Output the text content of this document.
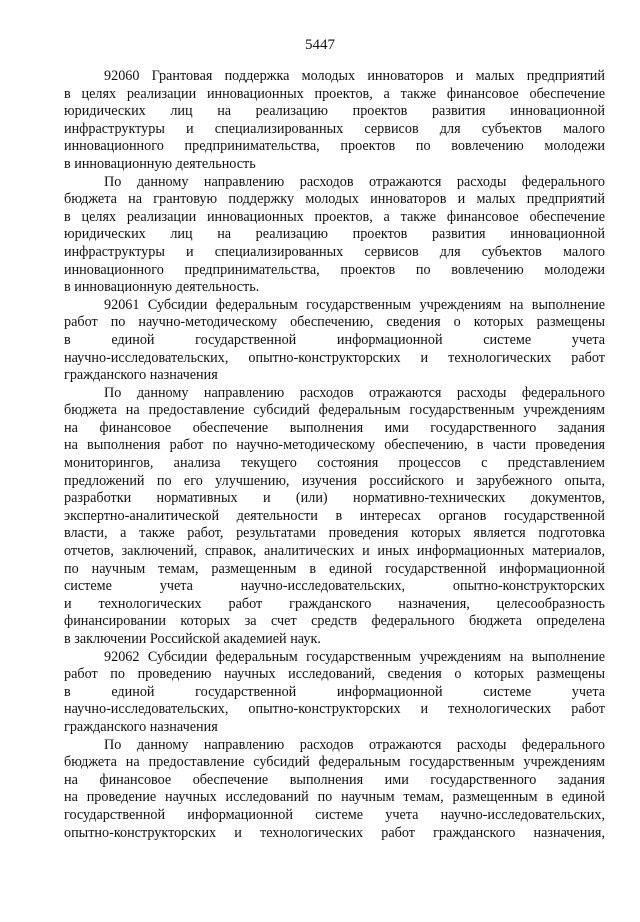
5447
92060 Грантовая поддержка молодых инноваторов и малых предприятий
в целях реализации инновационных проектов, а также финансовое обеспечение
юридических лиц на реализацию проектов развития инновационной
инфраструктуры и специализированных сервисов для субъектов малого
инновационного предпринимательства, проектов по вовлечению молодежи
в инновационную деятельность
По данному направлению расходов отражаются расходы федерального
бюджета на грантовую поддержку молодых инноваторов и малых предприятий
в целях реализации инновационных проектов, а также финансовое обеспечение
юридических лиц на реализацию проектов развития инновационной
инфраструктуры и специализированных сервисов для субъектов малого
инновационного предпринимательства, проектов по вовлечению молодежи
в инновационную деятельность.
92061 Субсидии федеральным государственным учреждениям на выполнение
работ по научно-методическому обеспечению, сведения о которых размещены
в единой государственной информационной системе учета
научно-исследовательских, опытно-конструкторских и технологических работ
гражданского назначения
По данному направлению расходов отражаются расходы федерального
бюджета на предоставление субсидий федеральным государственным учреждениям
на финансовое обеспечение выполнения ими государственного задания
на выполнения работ по научно-методическому обеспечению, в части проведения
мониторингов, анализа текущего состояния процессов с представлением
предложений по его улучшению, изучения российского и зарубежного опыта,
разработки нормативных и (или) нормативно-технических документов,
экспертно-аналитической деятельности в интересах органов государственной
власти, а также работ, результатами проведения которых является подготовка
отчетов, заключений, справок, аналитических и иных информационных материалов,
по научным темам, размещенным в единой государственной информационной
системе учета научно-исследовательских, опытно-конструкторских
и технологических работ гражданского назначения, целесообразность
финансировании которых за счет средств федерального бюджета определена
в заключении Российской академией наук.
92062 Субсидии федеральным государственным учреждениям на выполнение
работ по проведению научных исследований, сведения о которых размещены
в единой государственной информационной системе учета
научно-исследовательских, опытно-конструкторских и технологических работ
гражданского назначения
По данному направлению расходов отражаются расходы федерального
бюджета на предоставление субсидий федеральным государственным учреждениям
на финансовое обеспечение выполнения ими государственного задания
на проведение научных исследований по научным темам, размещенным в единой
государственной информационной системе учета научно-исследовательских,
опытно-конструкторских и технологических работ гражданского назначения,
